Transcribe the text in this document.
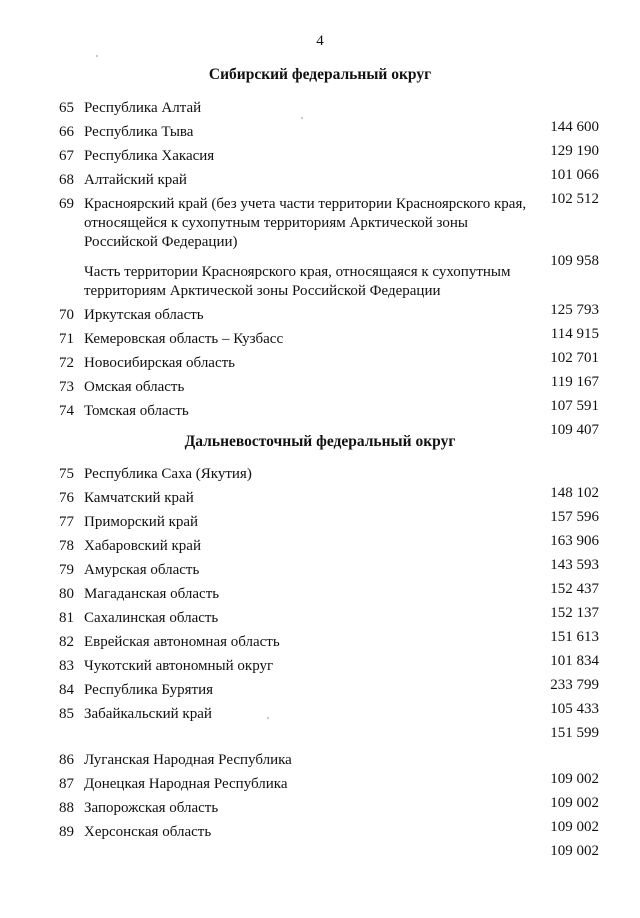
4
Сибирский федеральный округ
65 Республика Алтай
144 600
66 Республика Тыва
129 190
67 Республика Хакасия
101 066
68 Алтайский край
102 512
69 Красноярский край (без учета части территории Красноярского края, относящейся к сухопутным территориям Арктической зоны Российской Федерации)
109 958
Часть территории Красноярского края, относящаяся к сухопутным территориям Арктической зоны Российской Федерации
125 793
70 Иркутская область
114 915
71 Кемеровская область – Кузбасс
102 701
72 Новосибирская область
119 167
73 Омская область
107 591
74 Томская область
109 407
Дальневосточный федеральный округ
75 Республика Саха (Якутия)
148 102
76 Камчатский край
157 596
77 Приморский край
163 906
78 Хабаровский край
143 593
79 Амурская область
152 437
80 Магаданская область
152 137
81 Сахалинская область
151 613
82 Еврейская автономная область
101 834
83 Чукотский автономный округ
233 799
84 Республика Бурятия
105 433
85 Забайкальский край
151 599
86 Луганская Народная Республика
109 002
87 Донецкая Народная Республика
109 002
88 Запорожская область
109 002
89 Херсонская область
109 002
